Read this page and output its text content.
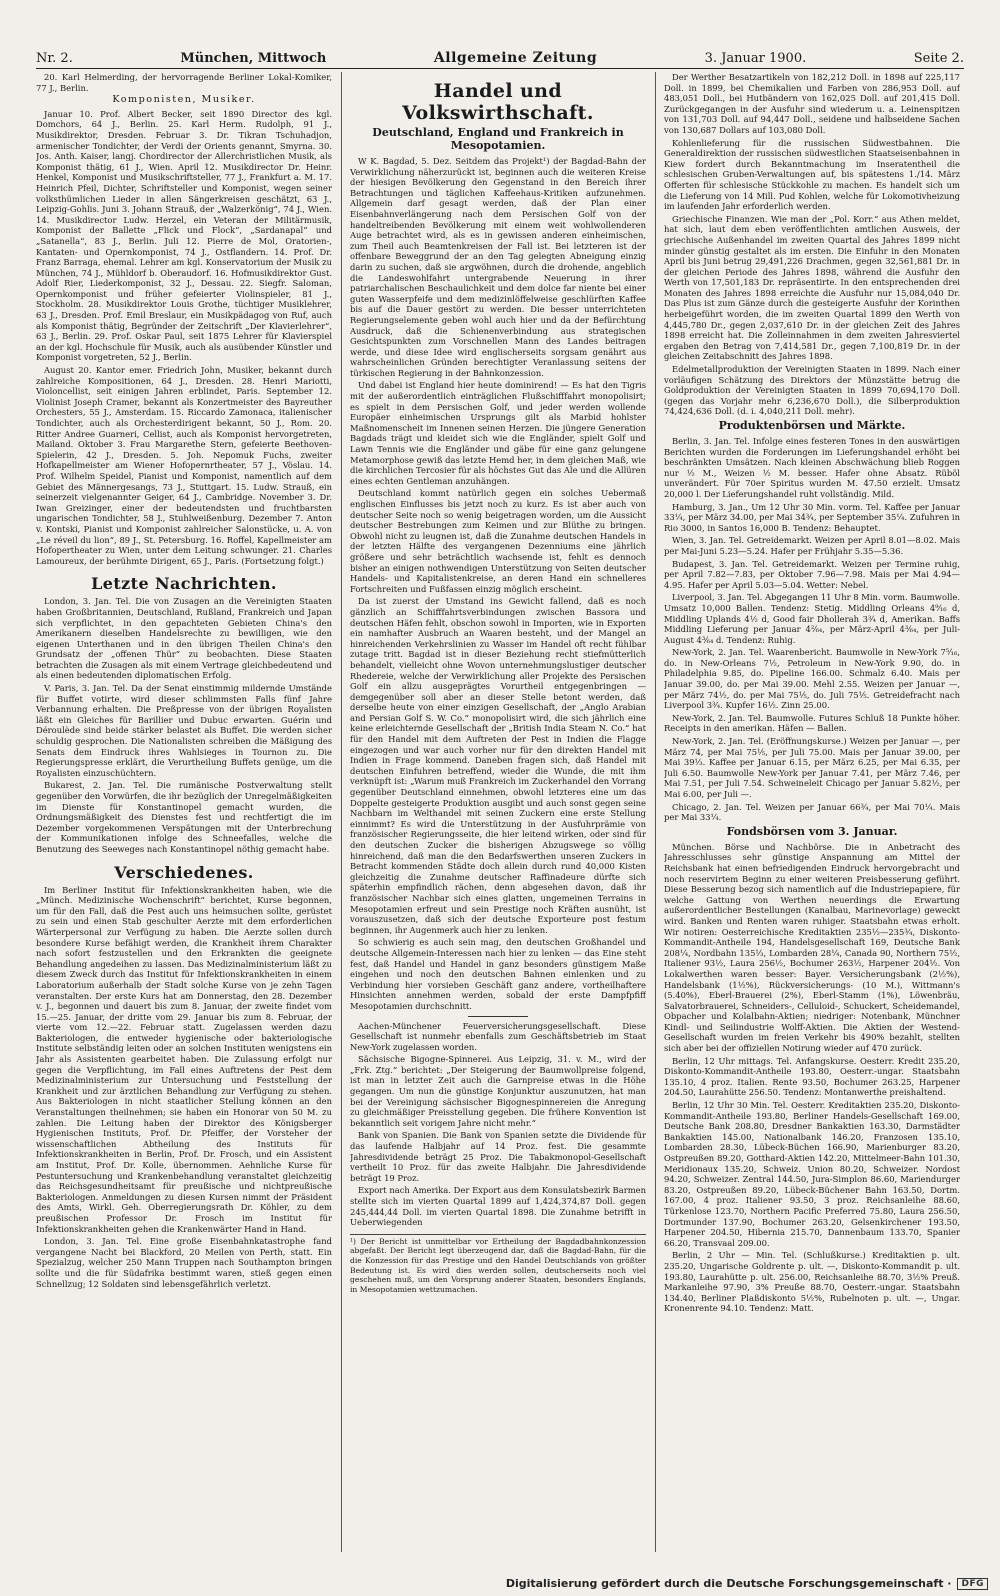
Nr. 2.	München, Mittwoch	Allgemeine Zeitung	3. Januar 1900.	Seite 2.

20. Karl Helmerding, der hervorragende Berliner Lokal-Komiker, 77 J., Berlin.

Komponisten, Musiker.

Januar 10. Prof. Albert Becker, seit 1890 Director des kgl. Domchors, 64 J., Berlin. 25. Karl Herm. Rudolph, 91 J., Musikdirektor, Dresden. Februar 3. Dr. Tikran Tschuhadjon, armenischer Tondichter, der Verdi der Orients genannt, Smyrna. 30. Jos. Anth. Kaiser, langj. Chordirector der Allerchristlichen Musik, als Komponist thätig, 61 J., Wien. April 12. Musikdirector Dr. Heinr. Henkel, Komponist und Musikschriftsteller, 77 J., Frankfurt a. M. 17. Heinrich Pfeil, Dichter, Schriftsteller und Komponist, wegen seiner volksthümlichen Lieder in allen Sängerkreisen geschätzt, 63 J., Leipzig-Gohlis. Juni 3. Johann Strauß, der „Walzerkönig“, 74 J., Wien. 14. Musikdirector Ludw. Herzel, ein Veteran der Militärmusik, Komponist der Ballette „Flick und Flock“, „Sardanapal“ und „Satanella“, 83 J., Berlin. Juli 12. Pierre de Mol, Oratorien-, Kantaten- und Opernkomponist, 74 J., Ostflandern. 14. Prof. Dr. Franz Barraga, ehemal. Lehrer am kgl. Konservatorium der Musik zu München, 74 J., Mühldorf b. Oberaudorf. 16. Hofmusikdirektor Gust. Adolf Rier, Liederkomponist, 32 J., Dessau. 22. Siegfr. Saloman, Opernkomponist und früher gefeierter Violinspieler, 81 J., Stockholm. 28. Musikdirektor Louis Grothe, tüchtiger Musiklehrer, 63 J., Dresden. Prof. Emil Breslaur, ein Musikpädagog von Ruf, auch als Komponist thätig, Begründer der Zeitschrift „Der Klavierlehrer“, 63 J., Berlin. 29. Prof. Oskar Paul, seit 1875 Lehrer für Klavierspiel an der kgl. Hochschule für Musik, auch als ausübender Künstler und Komponist vorgetreten, 52 J., Berlin.

August 20. Kantor emer. Friedrich John, Musiker, bekannt durch zahlreiche Kompositionen, 64 J., Dresden. 28. Henri Mariotti, Violoncellist, seit einigen Jahren erblindet, Paris. September 12. Violinist Joseph Cramer, bekannt als Konzertmeister des Bayreuther Orchesters, 55 J., Amsterdam. 15. Riccardo Zamonaca, italienischer Tondichter, auch als Orchesterdirigent bekannt, 50 J., Rom. 20. Ritter Andree Guarneri, Cellist, auch als Komponist hervorgetreten, Mailand. Oktober 3. Frau Margarethe Stern, gefeierte Beethoven-Spielerin, 42 J., Dresden. 5. Joh. Nepomuk Fuchs, zweiter Hofkapellmeister am Wiener Hofopernrtheater, 57 J., Vöslau. 14. Prof. Wilhelm Speidel, Pianist und Komponist, namentlich auf dem Gebiet des Männergesangs, 73 J., Stuttgart. 15. Ludw. Strauß, ein seinerzeit vielgenannter Geiger, 64 J., Cambridge. November 3. Dr. Iwan Greizinger, einer der bedeutendsten und fruchtbarsten ungarischen Tondichter, 58 J., Stuhlweißenburg. Dezember 7. Anton v. Kontski, Pianist und Komponist zahlreicher Salonstücke, u. A. von „Le réveil du lion“, 89 J., St. Petersburg. 16. Roffel, Kapellmeister am Hofopertheater zu Wien, unter dem Leitung schwunger. 21. Charles Lamoureux, der berühmte Dirigent, 65 J., Paris. (Fortsetzung folgt.)

Letzte Nachrichten.

London, 3. Jan. Tel. Die von Zusagen an die Vereinigten Staaten haben Großbritannien, Deutschland, Rußland, Frankreich und Japan sich verpflichtet, in den gepachteten Gebieten China's den Amerikanern dieselben Handelsrechte zu bewilligen, wie den eigenen Unterthanen und in den übrigen Theilen China's den Grundsatz der „offenen Thür“ zu beobachten. Diese Staaten betrachten die Zusagen als mit einem Vertrage gleichbedeutend und als einen bedeutenden diplomatischen Erfolg.

V. Paris, 3. Jan. Tel. Da der Senat einstimmig mildernde Umstände für Buffet votirte, wird dieser schlimmsten Falls fünf Jahre Verbannung erhalten. Die Preßpresse von der übrigen Royalisten läßt ein Gleiches für Barillier und Dubuc erwarten. Guérin und Déroulède sind beide stärker belastet als Buffet. Die werden sicher schuldig gesprochen. Die Nationalisten schreiben die Mäßigung des Senats dem Eindruck ihres Wahlsieges in Tournon zu. Die Regierungspresse erklärt, die Verurtheilung Buffets genüge, um die Royalisten einzuschüchtern.

Bukarest, 2. Jan. Tel. Die rumänische Postverwaltung stellt gegenüber den Vorwürfen, die ihr bezüglich der Unregelmäßigkeiten im Dienste für Konstantinopel gemacht wurden, die Ordnungsmäßigkeit des Dienstes fest und rechtfertigt die im Dezember vorgekommenen Verspätungen mit der Unterbrechung der Kommunikationen infolge des Schneefalles, welche die Benutzung des Seeweges nach Konstantinopel nöthig gemacht habe.

Verschiedenes.

Im Berliner Institut für Infektionskrankheiten haben, wie die „Münch. Medizinische Wochenschrift“ berichtet, Kurse begonnen, um für den Fall, daß die Pest auch uns heimsuchen sollte, gerüstet zu sein und einen Stab geschulter Aerzte mit dem erforderlichen Wärterpersonal zur Verfügung zu haben. Die Aerzte sollen durch besondere Kurse befähigt werden, die Krankheit ihrem Charakter nach sofort festzustellen und den Erkrankten die geeignete Behandlung angedeihen zu lassen. Das Medizinalministerium läßt zu diesem Zweck durch das Institut für Infektionskrankheiten in einem Laboratorium außerhalb der Stadt solche Kurse von je zehn Tagen veranstalten. Der erste Kurs hat am Donnerstag, den 28. Dezember v. J., begonnen und dauert bis zum 8. Januar, der zweite findet vom 15.—25. Januar, der dritte vom 29. Januar bis zum 8. Februar, der vierte vom 12.—22. Februar statt. Zugelassen werden dazu Bakteriologen, die entweder hygienische oder bakteriologische Institute selbständig leiten oder an solchen Instituten wenigstens ein Jahr als Assistenten gearbeitet haben. Die Zulassung erfolgt nur gegen die Verpflichtung, im Fall eines Auftretens der Pest dem Medizinalministerium zur Untersuchung und Feststellung der Krankheit und zur ärztlichen Behandlung zur Verfügung zu stehen. Aus Bakteriologen in nicht staatlicher Stellung können an den Veranstaltungen theilnehmen; sie haben ein Honorar von 50 M. zu zahlen. Die Leitung haben der Direktor des Königsberger Hygienischen Instituts, Prof. Dr. Pfeiffer, der Vorsteher der wissenschaftlichen Abtheilung des Instituts für Infektionskrankheiten in Berlin, Prof. Dr. Frosch, und ein Assistent am Institut, Prof. Dr. Kolle, übernommen. Aehnliche Kurse für Pestuntersuchung und Krankenbehandlung veranstaltet gleichzeitig das Reichsgesundheitsamt für preußische und nichtpreußische Bakteriologen. Anmeldungen zu diesen Kursen nimmt der Präsident des Amts, Wirkl. Geh. Oberregierungsrath Dr. Köhler, zu dem preußischen Professor Dr. Frosch im Institut für Infektionskrankheiten gehen die Krankenwärter Hand in Hand.

London, 3. Jan. Tel. Eine große Eisenbahnkatastrophe fand vergangene Nacht bei Blackford, 20 Meilen von Perth, statt. Ein Spezialzug, welcher 250 Mann Truppen nach Southampton bringen sollte und die für Südafrika bestimmt waren, stieß gegen einen Schnellzug; 12 Soldaten sind lebensgefährlich verletzt.

Handel und Volkswirthschaft.
Deutschland, England und Frankreich in Mesopotamien.

W K. Bagdad, 5. Dez. Seitdem das Projekt¹) der Bagdad-Bahn der Verwirklichung näherzurückt ist, beginnen auch die weiteren Kreise der hiesigen Bevölkerung den Gegenstand in den Bereich ihrer Betrachtungen und täglichen Kaffeehaus-Kritiken aufzunehmen. Allgemein darf gesagt werden, daß der Plan einer Eisenbahnverlängerung nach dem Persischen Golf von der handeltreibenden Bevölkerung mit einem weit wohlwollenderen Auge betrachtet wird, als es in gewissen anderen einheimischen, zum Theil auch Beamtenkreisen der Fall ist. Bei letzteren ist der offenbare Beweggrund der an den Tag gelegten Abneigung einzig darin zu suchen, daß sie argwöhnen, durch die drohende, angeblich die Landeswohlfahrt untergrabende Neuerung in ihrer patriarchalischen Beschaulichkeit und dem dolce far niente bei einer guten Wasserpfeife und dem medizinlöffelweise geschlürften Kaffee bis auf die Dauer gestört zu werden. Die besser unterrichteten Regierungselemente geben wohl auch hier und da der Befürchtung Ausdruck, daß die Schienenverbindung aus strategischen Gesichtspunkten zum Vorschnellen Mann des Landes beitragen werde, und diese Idee wird englischerseits sorgsam genährt aus wahrscheinlichen Gründen berechtigter Veranlassung seitens der türkischen Regierung in der Bahnkonzession.

Und dabei ist England hier heute dominirend! — Es hat den Tigris mit der außerordentlich einträglichen Flußschifffahrt monopolisirt; es spielt in dem Persischen Golf, und jeder werden wollende Europäer einheimischen Ursprungs gilt als Marbid hohlster Maßnomenscheit im Innenen seinen Herzen. Die jüngere Generation Bagdads trägt und kleidet sich wie die Engländer, spielt Golf und Lawn Tennis wie die Engländer und gäbe für eine ganz gelungene Metamorphose gewiß das letzte Hemd her, in dem gleichen Maß, wie die kirchlichen Tercosier für als höchstes Gut das Ale und die Allüren eines echten Gentleman anzuhängen.

Deutschland kommt natürlich gegen ein solches Uebermaß englischen Einflusses bis jetzt noch zu kurz. Es ist aber auch von deutscher Seite noch so wenig beigetragen worden, um die Aussicht deutscher Bestrebungen zum Keimen und zur Blüthe zu bringen. Obwohl nicht zu leugnen ist, daß die Zunahme deutschen Handels in der letzten Hälfte des vergangenen Dezenniums eine jährlich größere und sehr beträchtlich wachsende ist, fehlt es dennoch bisher an einigen nothwendigen Unterstützung von Seiten deutscher Handels- und Kapitalistenkreise, an deren Hand ein schnelleres Fortschreiten und Fußfassen einzig möglich erscheint.

Da ist zuerst der Umstand ins Gewicht fallend, daß es noch gänzlich an Schifffahrtsverbindungen zwischen Bassora und deutschen Häfen fehlt, obschon sowohl in Importen, wie in Exporten ein namhafter Ausbruch an Waaren besteht, und der Mangel an hinreichenden Verkehrslinien zu Wasser im Handel oft recht fühlbar zutage tritt. Bagdad ist in dieser Beziehung recht stiefmütterlich behandelt, vielleicht ohne Wovon unternehmungslustiger deutscher Rhedereie, welche der Verwirklichung aller Projekte des Persischen Golf ein allzu ausgeprägtes Vorurtheil entgegenbringen — demgegenüber soll aber an dieser Stelle betont werden, daß derselbe heute von einer einzigen Gesellschaft, der „Anglo Arabian and Persian Golf S. W. Co.“ monopolisirt wird, die sich jährlich eine keine erleichternde Gesellschaft der „British India Steam N. Co.“ hat für den Handel mit dem Auftreten der Pest in Indien die Flagge eingezogen und war auch vorher nur für den direkten Handel mit Indien in Frage kommend. Daneben fragen sich, daß Handel mit deutschen Einfuhren betreffend, wieder die Wunde, die mit ihm verknüpft ist: „Warum muß Frankreich im Zuckerhandel den Vorrang gegenüber Deutschland einnehmen, obwohl letzteres eine um das Doppelte gesteigerte Produktion ausgibt und auch sonst gegen seine Nachbarn im Welthandel mit seinen Zuckern eine erste Stellung einnimmt? Es wird die Unterstützung in der Ausfuhrprämie von französischer Regierungsseite, die hier leitend wirken, oder sind für den deutschen Zucker die bisherigen Abzugswege so völlig hinreichend, daß man die den Bedarfswerthen unseren Zuckers in Betracht kommenden Städte doch allein durch rund 40,000 Kisten gleichzeitig die Zunahme deutscher Raffinadeure dürfte sich späterhin empfindlich rächen, denn abgesehen davon, daß ihr französischer Nachbar sich eines glatten, ungemeinen Terrains in Mesopotamien erfreut und sein Prestige noch Kräften ausnüht, ist vorauszusetzen, daß sich der deutsche Exporteure post festum beginnen, ihr Augenmerk auch hier zu lenken.

So schwierig es auch sein mag, den deutschen Großhandel und deutsche Allgemein-Interessen nach hier zu lenken — das Eine steht fest, daß Handel und Handel in ganz besonders günstigem Maße eingehen und noch den deutschen Bahnen einlenken und zu Verbindung hier vorsieben Geschäft ganz andere, vortheilhaftere Hinsichten annehmen werden, sobald der erste Dampfpfiff Mesopotamien durchschnitt.

Aachen-Münchener Feuerversicherungsgesellschaft. Diese Gesellschaft ist nunmehr ebenfalls zum Geschäftsbetrieb im Staat New-York zugelassen worden.

Sächsische Bigogne-Spinnerei. Aus Leipzig, 31. v. M., wird der „Frk. Ztg.“ berichtet: „Der Steigerung der Baumwollpreise folgend, ist man in letzter Zeit auch die Garnpreise etwas in die Höhe gegangen. Um nun die günstige Konjunktur auszunutzen, hat man bei der Vereinigung sächsischer Bigognespinnereien die Anregung zu gleichmäßiger Preisstellung gegeben. Die frühere Konvention ist bekanntlich seit vorigem Jahre nicht mehr.“

Bank von Spanien. Die Bank von Spanien setzte die Dividende für das laufende Halbjahr auf 14 Proz. fest. Die gesammte Jahresdividende beträgt 25 Proz. Die Tabakmonopol-Gesellschaft vertheilt 10 Proz. für das zweite Halbjahr. Die Jahresdividende beträgt 19 Proz.

Export nach Amerika. Der Export aus dem Konsulatsbezirk Barmen stellte sich im vierten Quartal 1899 auf 1,424,374,87 Doll. gegen 245,444,44 Doll. im vierten Quartal 1898. Die Zunahme betrifft in Ueberwiegenden

¹) Der Bericht ist unmittelbar vor Ertheilung der Bagdadbahnkonzession abgefaßt. Der Bericht legt überzeugend dar, daß die Bagdad-Bahn, für die die Konzession für das Prestige und den Handel Deutschlands von größter Bedeutung ist. Es wird dies werden sollen, deutscherseits noch viel geschehen muß, um den Vorsprung anderer Staaten, besonders Englands, in Mesopotamien wettzumachen.

Der Werther Besatzartikeln von 182,212 Doll. in 1898 auf 225,117 Doll. in 1899, bei Chemikalien und Farben von 286,953 Doll. auf 483,051 Doll., bei Hutbändern von 162,025 Doll. auf 201,415 Doll. Zurückgegangen in der Ausfuhr sind wiederum u. a. Leinenspitzen von 131,703 Doll. auf 94,447 Doll., seidene und halbseidene Sachen von 130,687 Dollars auf 103,080 Doll.

Kohlenlieferung für die russischen Südwestbahnen. Die Generaldirektion der russischen südwestlichen Staatseisenbahnen in Kiew fordert durch Bekanntmachung im Inseratentheil die schlesischen Gruben-Verwaltungen auf, bis spätestens 1./14. März Offerten für schlesische Stückkohle zu machen. Es handelt sich um die Lieferung von 14 Mill. Pud Kohlen, welche für Lokomotivheizung im laufenden Jahr erforderlich werden.

Griechische Finanzen. Wie man der „Pol. Korr.“ aus Athen meldet, hat sich, laut dem eben veröffentlichten amtlichen Ausweis, der griechische Außenhandel im zweiten Quartal des Jahres 1899 nicht minder günstig gestaltet als im ersten. Die Einfuhr in den Monaten April bis Juni betrug 29,491,226 Drachmen, gegen 32,561,881 Dr. in der gleichen Periode des Jahres 1898, während die Ausfuhr den Werth von 17,501,183 Dr. repräsentirte. In den entsprechenden drei Monaten des Jahres 1898 erreichte die Ausfuhr nur 15,084,040 Dr. Das Plus ist zum Gänze durch die gesteigerte Ausfuhr der Korinthen herbeigeführt worden, die im zweiten Quartal 1899 den Werth von 4,445,780 Dr., gegen 2,037,610 Dr. in der gleichen Zeit des Jahres 1898 erreicht hat. Die Zolleinnahmen in dem zweiten Jahresviertel ergaben den Betrag von 7,414,581 Dr., gegen 7,100,819 Dr. in der gleichen Zeitabschnitt des Jahres 1898.

Edelmetallproduktion der Vereinigten Staaten in 1899. Nach einer vorläufigen Schätzung des Direktors der Münzstätte betrug die Goldproduktion der Vereinigten Staaten in 1899 70,694,170 Doll. (gegen das Vorjahr mehr 6,236,670 Doll.), die Silberproduktion 74,424,636 Doll. (d. i. 4,040,211 Doll. mehr).

Produktenbörsen und Märkte.

Berlin, 3. Jan. Tel. Infolge eines festeren Tones in den auswärtigen Berichten wurden die Forderungen im Lieferungshandel erhöht bei beschränkten Umsätzen. Nach kleinen Abschwächung blieb Roggen nur ½ M., Weizen ½ M. besser. Hafer ohne Absatz. Rüböl unverändert. Für 70er Spiritus wurden M. 47.50 erzielt. Umsatz 20,000 l. Der Lieferungshandel ruht vollständig. Mild.

Hamburg, 3. Jan., Um 12 Uhr 30 Min. vorm. Tel. Kaffee per Januar 33¼, per März 34.00, per Mai 34¾, per September 35¼. Zufuhren in Rio 3000, in Santos 16,000 B. Tendenz: Behauptet.

Wien, 3. Jan. Tel. Getreidemarkt. Weizen per April 8.01—8.02. Mais per Mai-Juni 5.23—5.24. Hafer per Frühjahr 5.35—5.36.

Budapest, 3. Jan. Tel. Getreidemarkt. Weizen per Termine ruhig, per April 7.82—7.83, per Oktober 7.96—7.98. Mais per Mai 4.94—4.95. Hafer per April 5.03—5.04. Wetter: Nebel.

Liverpool, 3. Jan. Tel. Abgegangen 11 Uhr 8 Min. vorm. Baumwolle. Umsatz 10,000 Ballen. Tendenz: Stetig. Middling Orleans 4⁹⁄₁₆ d, Middling Uplands 4½ d, Good fair Dhollerah 3¾ d, Amerikan. Baffs Middling Lieferung per Januar 4²⁄₆₄, per März-April 4³⁄₆₄, per Juli-August 4³⁄₆₄ d. Tendenz: Ruhig.

New-York, 2. Jan. Tel. Waarenbericht. Baumwolle in New-York 7⁵⁄₁₆, do. in New-Orleans 7½, Petroleum in New-York 9.90, do. in Philadelphia 9.85, do. Pipeline 166.00. Schmalz 6.40. Mais per Januar 39.00, do. per Mai 39.00. Mehl 2.55. Weizen per Januar —, per März 74½, do. per Mai 75⅕, do. Juli 75⅕. Getreidefracht nach Liverpool 3¾. Kupfer 16½. Zinn 25.00.

New-York, 2. Jan. Tel. Baumwolle. Futures Schluß 18 Punkte höher. Receipts in den amerikan. Häfen — Ballen.

New-York, 2. Jan. Tel. (Eröffnungskurse.) Weizen per Januar —, per März 74, per Mai 75⅕, per Juli 75.00. Mais per Januar 39.00, per Mai 39⅓. Kaffee per Januar 6.15, per März 6.25, per Mai 6.35, per Juli 6.50. Baumwolle New-York per Januar 7.41, per März 7.46, per Mai 7.51, per Juli 7.54. Schweineleit Chicago per Januar 5.82½, per Mai 6.00, per Juli —.

Chicago, 2. Jan. Tel. Weizen per Januar 66¾, per Mai 70¼. Mais per Mai 33¼.

Fondsbörsen vom 3. Januar.

München. Börse und Nachbörse. Die in Anbetracht des Jahresschlusses sehr günstige Anspannung am Mittel der Reichsbank hat einen befriedigenden Eindruck hervorgebracht und noch reservirtem Beginn zu einer weiteren Preisbesserung geführt. Diese Besserung bezog sich namentlich auf die Industriepapiere, für welche Gattung von Werthen neuerdings die Erwartung außerordentlicher Bestellungen (Kanalbau, Marinevorlage) geweckt wird. Banken und Renten waren ruhiger. Staatsbahn etwas erholt. Wir notiren: Oesterreichische Kreditaktien 235½—235¾, Diskonto-Kommandit-Antheile 194, Handelsgesellschaft 169, Deutsche Bank 208¼, Nordbahn 135⅓, Lombarden 28¼, Canada 90, Northern 75½, Italiener 93½, Laura 256½, Bochumer 263½, Harpener 204½. Von Lokalwerthen waren besser: Bayer. Versicherungsbank (2½%), Handelsbank (1½%), Rückversicherungs- (10 M.), Wittmann's (5.40%), Eberl-Brauerei (2%), Eberl-Stamm (1%), Löwenbräu, Salvatorbrauerei, Schneiders-, Celluloid-, Schuckert, Scheidemandel, Obpacher und Kolalbahn-Aktien; niedriger: Notenbank, Münchner Kindl- und Seilindustrie Wolff-Aktien. Die Aktien der Westend-Gesellschaft wurden im freien Verkehr bis 490% bezahlt, stellten sich aber bei der offiziellen Notirung wieder auf 470 zurück.

Berlin, 12 Uhr mittags. Tel. Anfangskurse. Oesterr. Kredit 235.20, Diskonto-Kommandit-Antheile 193.80, Oesterr.-ungar. Staatsbahn 135.10, 4 proz. Italien. Rente 93.50, Bochumer 263.25, Harpener 204.50, Laurahütte 256.50. Tendenz: Montanwerthe preishaltend.

Berlin, 12 Uhr 30 Min. Tel. Oesterr. Kreditaktien 235.20, Diskonto-Kommandit-Antheile 193.80, Berliner Handels-Gesellschaft 169.00, Deutsche Bank 208.80, Dresdner Bankaktien 163.30, Darmstädter Bankaktien 145.00, Nationalbank 146.20, Franzosen 135.10, Lombarden 28.30, Lübeck-Büchen 166.90, Marienburger 83.20, Ostpreußen 89.20, Gotthard-Aktien 142.20, Mittelmeer-Bahn 101.30, Meridionaux 135.20, Schweiz. Union 80.20, Schweizer. Nordost 94.20, Schweizer. Zentral 144.50, Jura-Simplon 86.60, Mariendurger 83.20, Ostpreußen 89.20, Lübeck-Büchener Bahn 163.50, Dortm. 167.00, 4 proz. Italiener 93.50, 3 proz. Reichsanleihe 88.60, Türkenlose 123.70, Northern Pacific Preferred 75.80, Laura 256.50, Dortmunder 137.90, Bochumer 263.20, Gelsenkirchener 193.50, Harpener 204.50, Hibernia 215.70, Dannenbaum 133.70, Spanier 66.20, Transvaal 209.00.

Berlin, 2 Uhr — Min. Tel. (Schlußkurse.) Kreditaktien p. ult. 235.20, Ungarische Goldrente p. ult. —, Diskonto-Kommandit p. ult. 193.80, Laurahütte p. ult. 256.00, Reichsanleihe 88.70, 3½% Preuß. Markanleihe 97.90, 3% Preuße 88.70, Oesterr.-ungar. Staatsbahn 134.40, Berliner Plaßdiskonto 5½%, Rubelnoten p. ult. —, Ungar. Kronenrente 94.10. Tendenz: Matt.

Digitalisierung gefördert durch die Deutsche Forschungsgemeinschaft ·	DFG
